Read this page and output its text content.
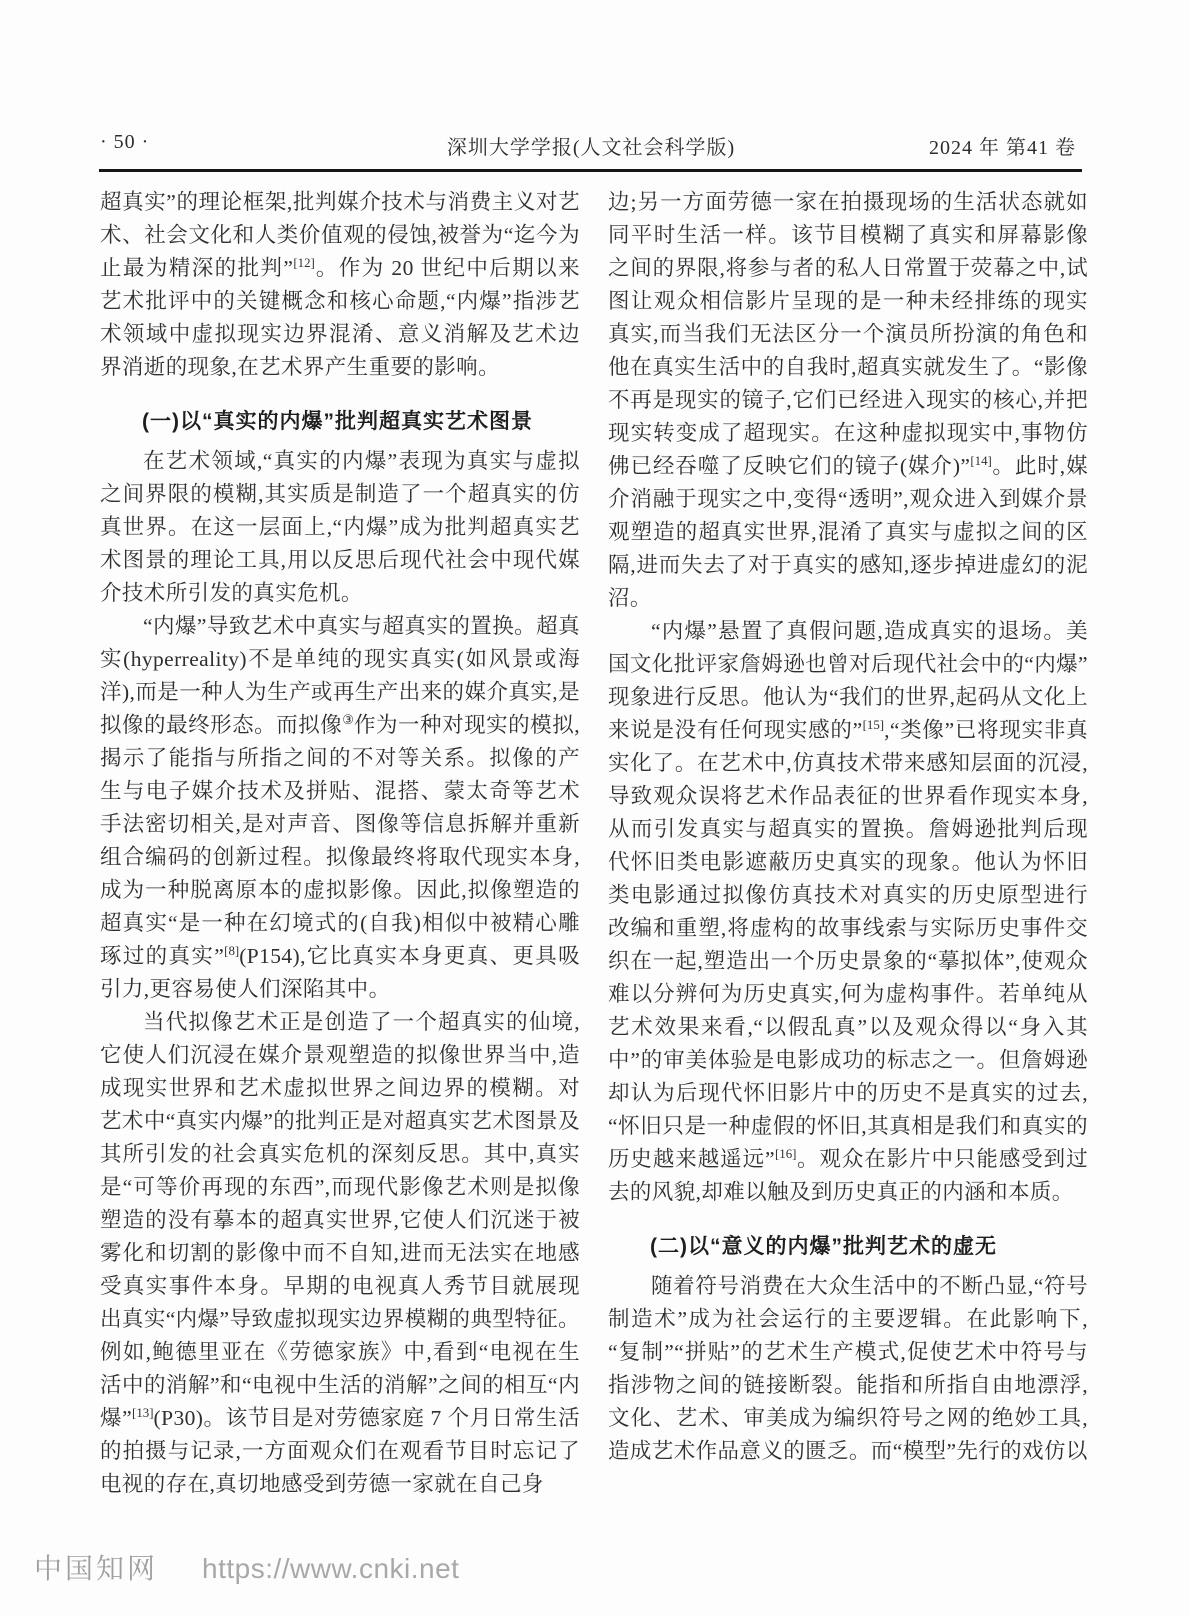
· 50 ·	深圳大学学报(人文社会科学版)	2024 年 第41 卷

超真实”的理论框架,批判媒介技术与消费主义对艺术、社会文化和人类价值观的侵蚀,被誉为“迄今为止最为精深的批判”[12]。作为 20 世纪中后期以来艺术批评中的关键概念和核心命题,“内爆”指涉艺术领域中虚拟现实边界混淆、意义消解及艺术边界消逝的现象,在艺术界产生重要的影响。

(一)以“真实的内爆”批判超真实艺术图景

在艺术领域,“真实的内爆”表现为真实与虚拟之间界限的模糊,其实质是制造了一个超真实的仿真世界。在这一层面上,“内爆”成为批判超真实艺术图景的理论工具,用以反思后现代社会中现代媒介技术所引发的真实危机。

“内爆”导致艺术中真实与超真实的置换。超真实(hyperreality)不是单纯的现实真实(如风景或海洋),而是一种人为生产或再生产出来的媒介真实,是拟像的最终形态。而拟像③作为一种对现实的模拟,揭示了能指与所指之间的不对等关系。拟像的产生与电子媒介技术及拼贴、混搭、蒙太奇等艺术手法密切相关,是对声音、图像等信息拆解并重新组合编码的创新过程。拟像最终将取代现实本身,成为一种脱离原本的虚拟影像。因此,拟像塑造的超真实“是一种在幻境式的(自我)相似中被精心雕琢过的真实”[8](P154),它比真实本身更真、更具吸引力,更容易使人们深陷其中。

当代拟像艺术正是创造了一个超真实的仙境,它使人们沉浸在媒介景观塑造的拟像世界当中,造成现实世界和艺术虚拟世界之间边界的模糊。对艺术中“真实内爆”的批判正是对超真实艺术图景及其所引发的社会真实危机的深刻反思。其中,真实是“可等价再现的东西”,而现代影像艺术则是拟像塑造的没有摹本的超真实世界,它使人们沉迷于被雾化和切割的影像中而不自知,进而无法实在地感受真实事件本身。早期的电视真人秀节目就展现出真实“内爆”导致虚拟现实边界模糊的典型特征。例如,鲍德里亚在《劳德家族》中,看到“电视在生活中的消解”和“电视中生活的消解”之间的相互“内爆”[13](P30)。该节目是对劳德家庭 7 个月日常生活的拍摄与记录,一方面观众们在观看节目时忘记了电视的存在,真切地感受到劳德一家就在自己身

边;另一方面劳德一家在拍摄现场的生活状态就如同平时生活一样。该节目模糊了真实和屏幕影像之间的界限,将参与者的私人日常置于荧幕之中,试图让观众相信影片呈现的是一种未经排练的现实真实,而当我们无法区分一个演员所扮演的角色和他在真实生活中的自我时,超真实就发生了。“影像不再是现实的镜子,它们已经进入现实的核心,并把现实转变成了超现实。在这种虚拟现实中,事物仿佛已经吞噬了反映它们的镜子(媒介)”[14]。此时,媒介消融于现实之中,变得“透明”,观众进入到媒介景观塑造的超真实世界,混淆了真实与虚拟之间的区隔,进而失去了对于真实的感知,逐步掉进虚幻的泥沼。

“内爆”悬置了真假问题,造成真实的退场。美国文化批评家詹姆逊也曾对后现代社会中的“内爆”现象进行反思。他认为“我们的世界,起码从文化上来说是没有任何现实感的”[15],“类像”已将现实非真实化了。在艺术中,仿真技术带来感知层面的沉浸,导致观众误将艺术作品表征的世界看作现实本身,从而引发真实与超真实的置换。詹姆逊批判后现代怀旧类电影遮蔽历史真实的现象。他认为怀旧类电影通过拟像仿真技术对真实的历史原型进行改编和重塑,将虚构的故事线索与实际历史事件交织在一起,塑造出一个历史景象的“摹拟体”,使观众难以分辨何为历史真实,何为虚构事件。若单纯从艺术效果来看,“以假乱真”以及观众得以“身入其中”的审美体验是电影成功的标志之一。但詹姆逊却认为后现代怀旧影片中的历史不是真实的过去,“怀旧只是一种虚假的怀旧,其真相是我们和真实的历史越来越遥远”[16]。观众在影片中只能感受到过去的风貌,却难以触及到历史真正的内涵和本质。

(二)以“意义的内爆”批判艺术的虚无

随着符号消费在大众生活中的不断凸显,“符号制造术”成为社会运行的主要逻辑。在此影响下,“复制”“拼贴”的艺术生产模式,促使艺术中符号与指涉物之间的链接断裂。能指和所指自由地漂浮,文化、艺术、审美成为编织符号之网的绝妙工具,造成艺术作品意义的匮乏。而“模型”先行的戏仿以

中国知网 https://www.cnki.net
